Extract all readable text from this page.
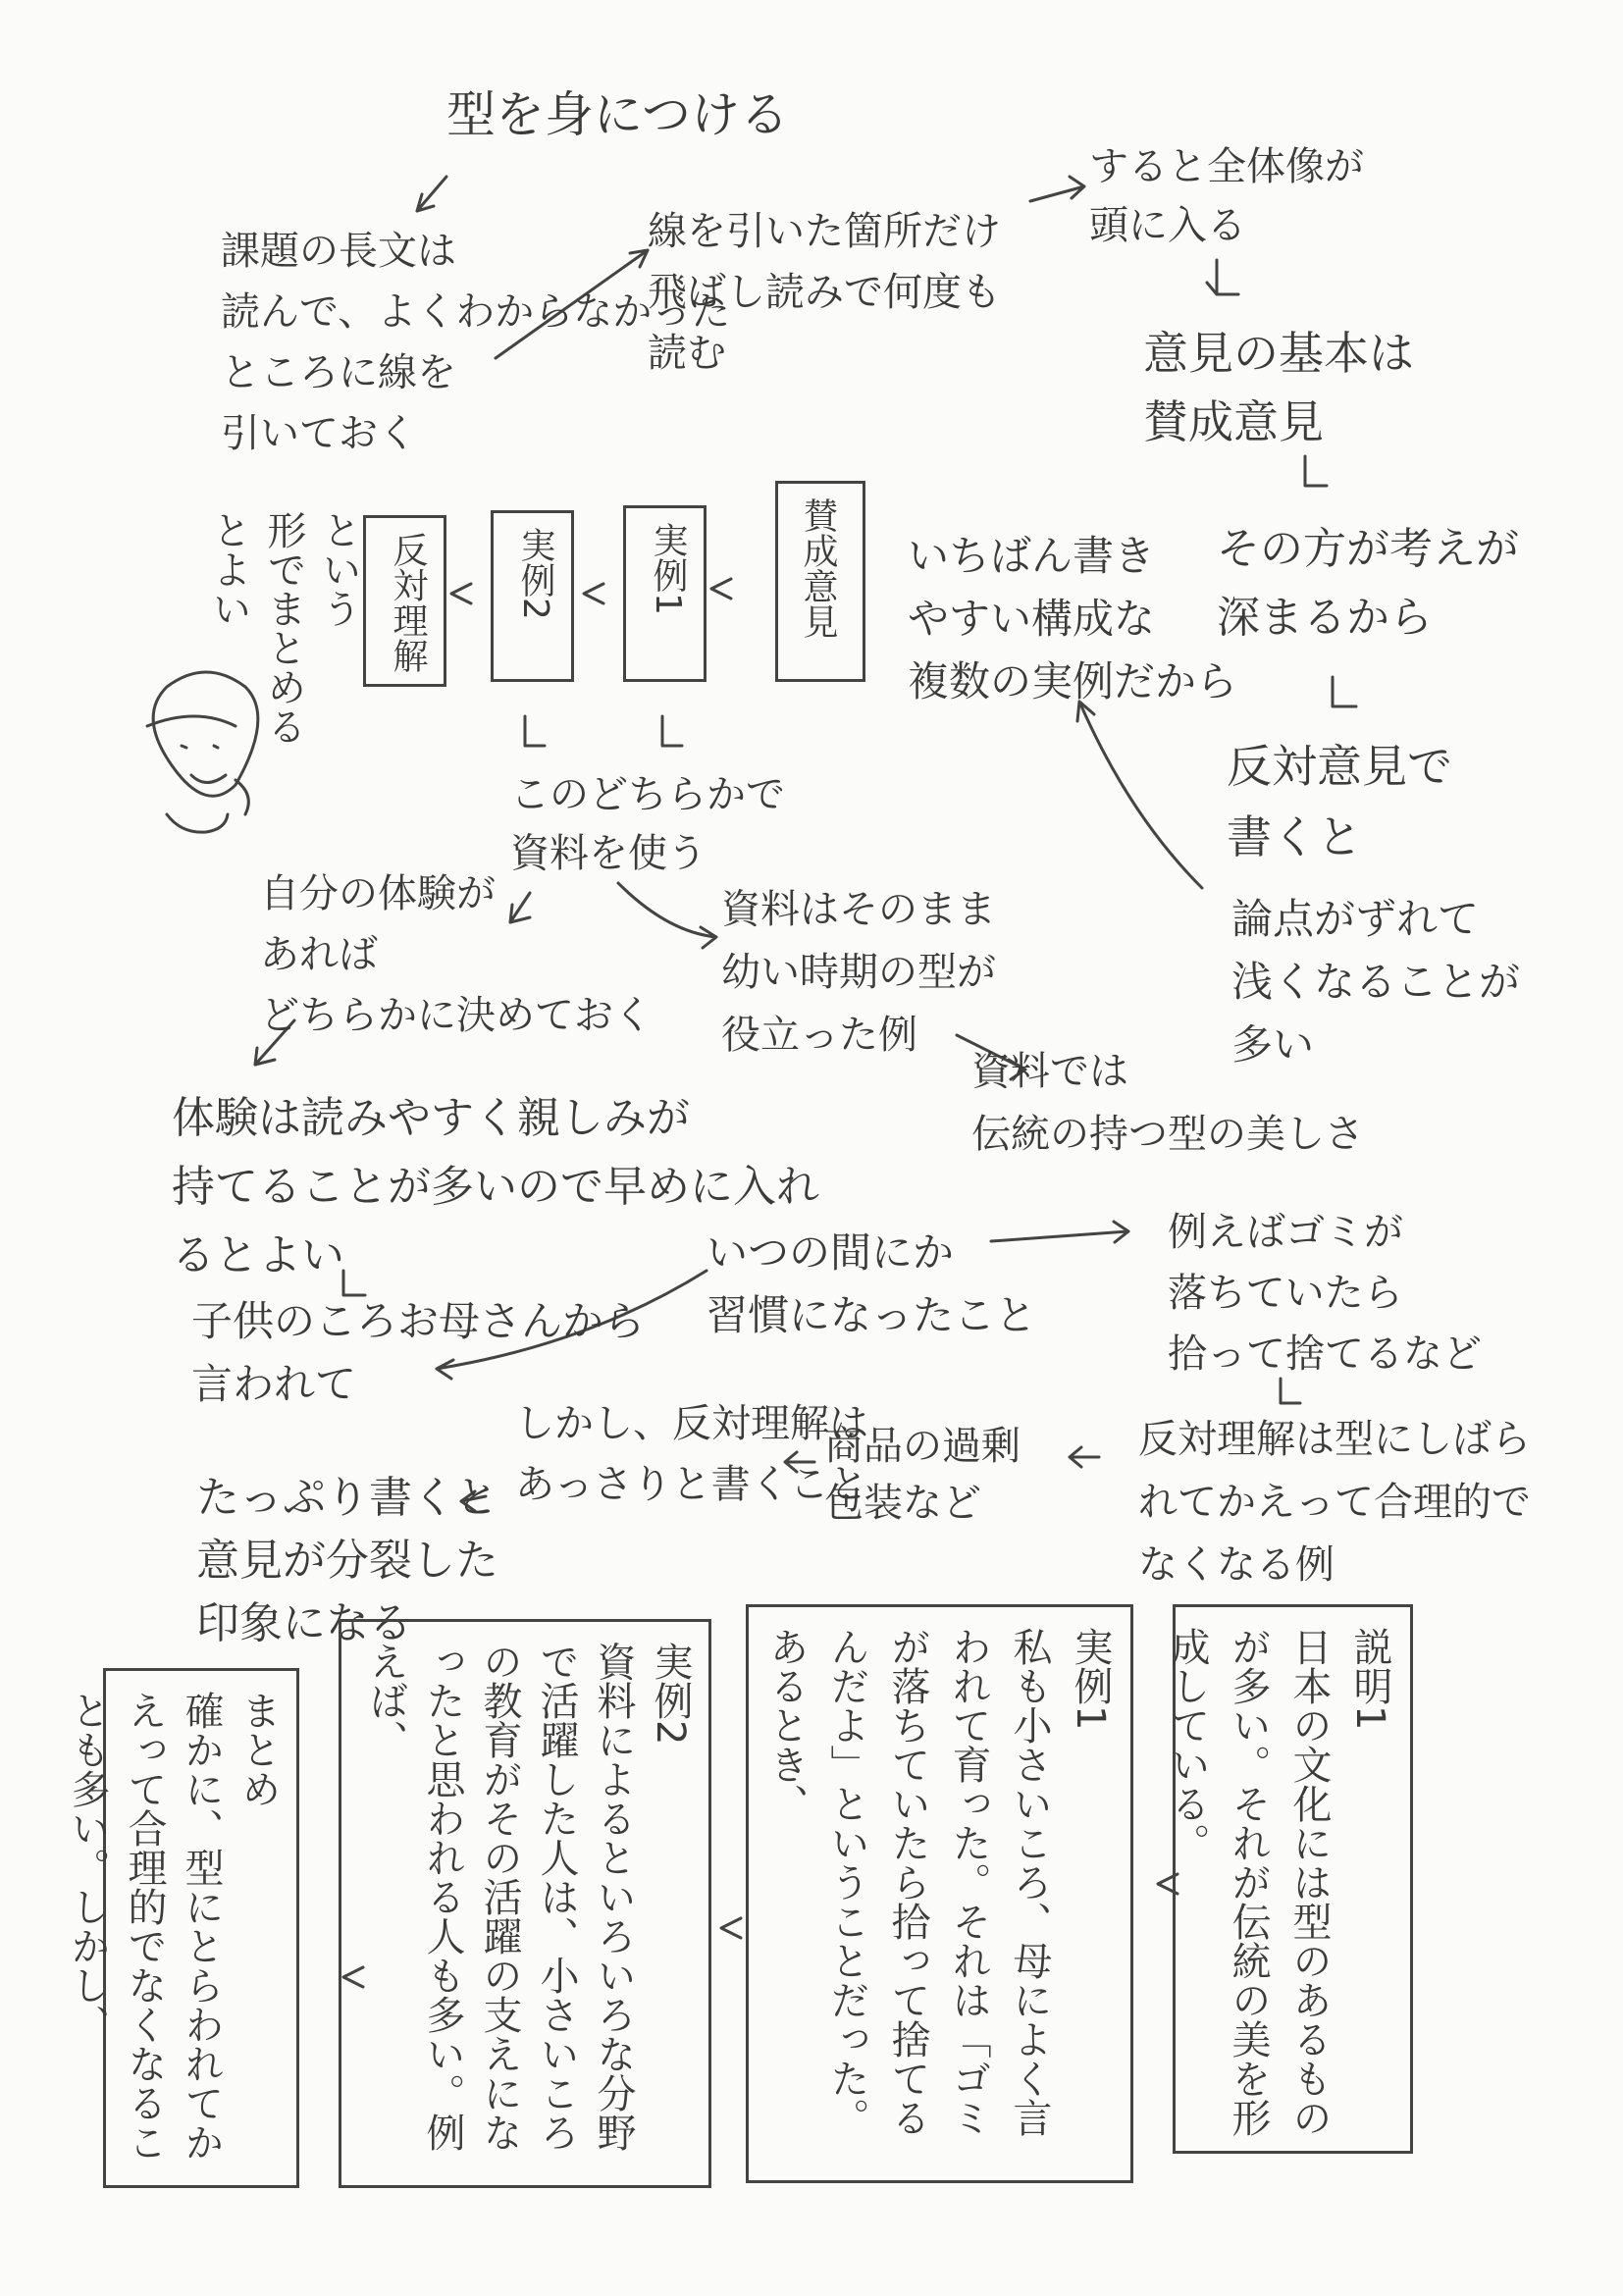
型を身につける
課題の長文は
読んで、よくわからなかった
ところに線を
引いておく
線を引いた箇所だけ
飛ばし読みで何度も
読む
すると全体像が
頭に入る
意見の基本は
賛成意見
その方が考えが
深まるから
反対意見で
書くと
論点がずれて
浅くなることが
多い
いちばん書き
やすい構成な
複数の実例だから
賛成意見
実例1
実例2
反対理解
という
形でまとめる
とよい
このどちらかで
資料を使う
自分の体験が
あれば
どちらかに決めておく
資料はそのまま
幼い時期の型が
役立った例
資料では
伝統の持つ型の美しさ
体験は読みやすく親しみが
持てることが多いので早めに入れ
るとよい
子供のころお母さんから
言われて
いつの間にか
習慣になったこと
例えばゴミが
落ちていたら
拾って捨てるなど
反対理解は型にしばら
れてかえって合理的で
なくなる例
商品の過剰
包装など
しかし、反対理解は
あっさりと書くこと
たっぷり書くと
意見が分裂した
印象になる
説明1
日本の文化には型のあるものが多い。それが伝統の美を形成している。
実例1
私も小さいころ、母によく言われて育った。それは「ゴミが落ちていたら拾って捨てるんだよ」ということだった。あるとき、
実例2
資料によるといろいろな分野で活躍した人は、小さいころの教育がその活躍の支えになったと思われる人も多い。例えば、
まとめ
確かに、型にとらわれてかえって合理的でなくなることも多い。しかし、
